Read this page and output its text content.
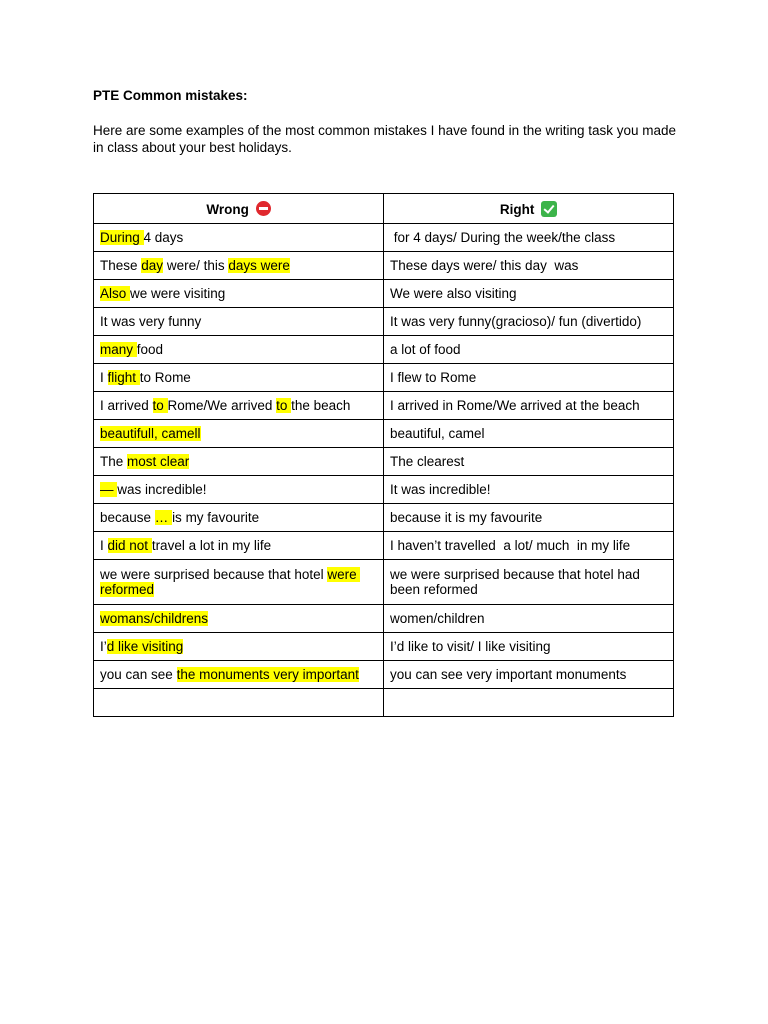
PTE Common mistakes:

Here are some examples of the most common mistakes I have found in the writing task you made in class about your best holidays.

Wrong	Right
During 4 days	for 4 days/ During the week/the class
These day were/ this days were	These days were/ this day  was
Also we were visiting	We were also visiting
It was very funny	It was very funny(gracioso)/ fun (divertido)
many food	a lot of food
I flight to Rome	I flew to Rome
I arrived to Rome/We arrived to the beach	I arrived in Rome/We arrived at the beach
beautifull, camell	beautiful, camel
The most clear	The clearest
— was incredible!	It was incredible!
because … is my favourite	because it is my favourite
I did not travel a lot in my life	I haven’t travelled  a lot/ much  in my life
we were surprised because that hotel were reformed	we were surprised because that hotel had been reformed
womans/childrens	women/children
I’d like visiting	I’d like to visit/ I like visiting
you can see the monuments very important	you can see very important monuments
